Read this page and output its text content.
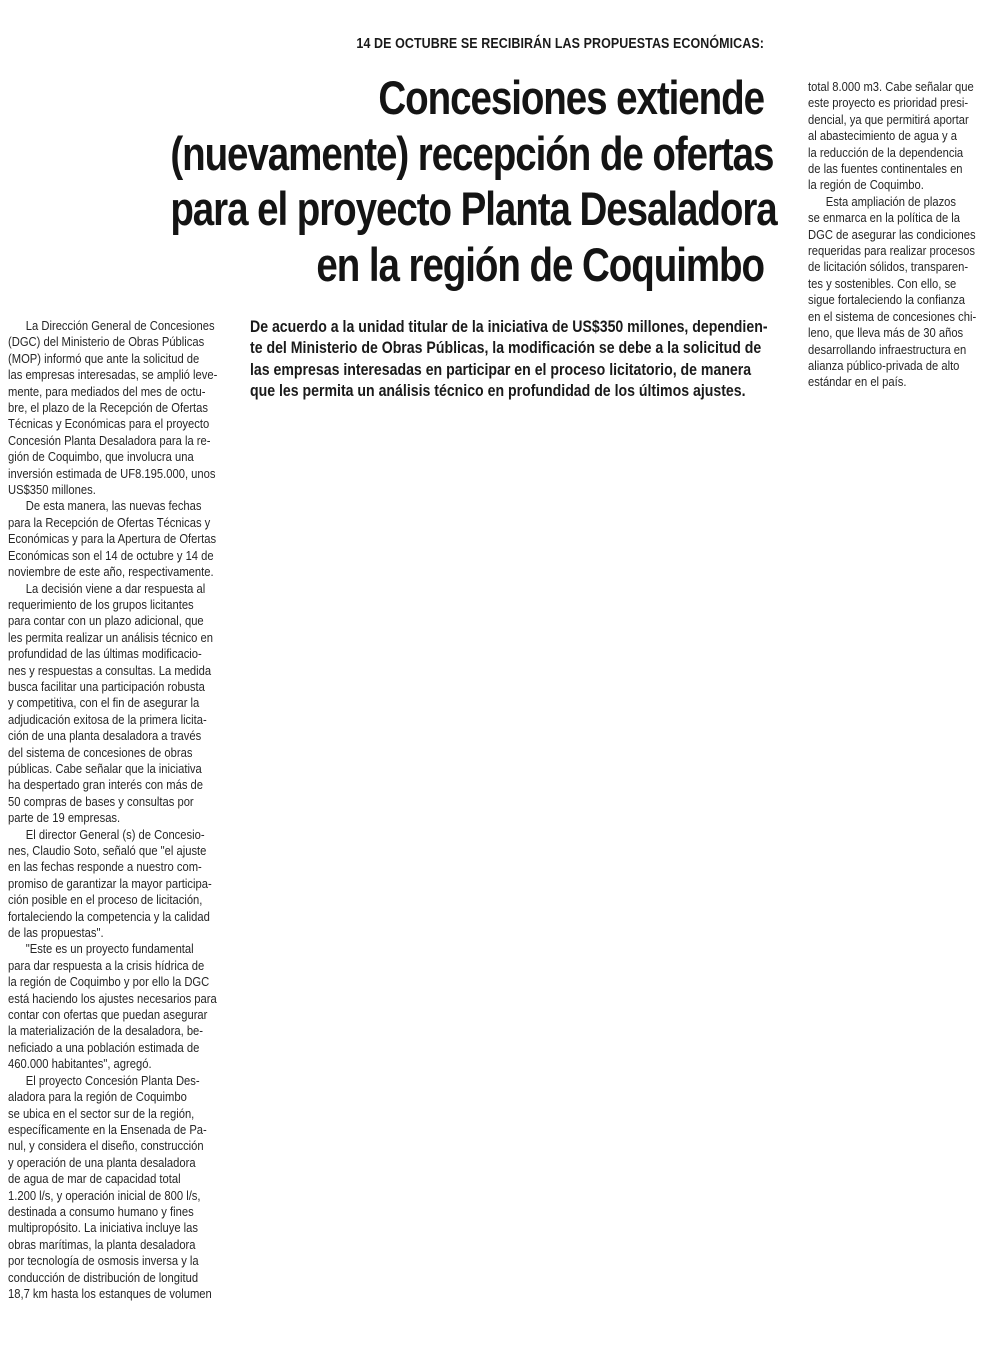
14 DE OCTUBRE SE RECIBIRÁN LAS PROPUESTAS ECONÓMICAS:
Concesiones extiende
(nuevamente) recepción de ofertas
para el proyecto Planta Desaladora
en la región de Coquimbo

De acuerdo a la unidad titular de la iniciativa de US$350 millones, dependien-
te del Ministerio de Obras Públicas, la modificación se debe a la solicitud de
las empresas interesadas en participar en el proceso licitatorio, de manera
que les permita un análisis técnico en profundidad de los últimos ajustes.

La Dirección General de Concesiones
(DGC) del Ministerio de Obras Públicas
(MOP) informó que ante la solicitud de
las empresas interesadas, se amplió leve-
mente, para mediados del mes de octu-
bre, el plazo de la Recepción de Ofertas
Técnicas y Económicas para el proyecto
Concesión Planta Desaladora para la re-
gión de Coquimbo, que involucra una
inversión estimada de UF8.195.000, unos
US$350 millones.
De esta manera, las nuevas fechas
para la Recepción de Ofertas Técnicas y
Económicas y para la Apertura de Ofertas
Económicas son el 14 de octubre y 14 de
noviembre de este año, respectivamente.
La decisión viene a dar respuesta al
requerimiento de los grupos licitantes
para contar con un plazo adicional, que
les permita realizar un análisis técnico en
profundidad de las últimas modificacio-
nes y respuestas a consultas. La medida
busca facilitar una participación robusta
y competitiva, con el fin de asegurar la
adjudicación exitosa de la primera licita-
ción de una planta desaladora a través
del sistema de concesiones de obras
públicas. Cabe señalar que la iniciativa
ha despertado gran interés con más de
50 compras de bases y consultas por
parte de 19 empresas.
El director General (s) de Concesio-
nes, Claudio Soto, señaló que "el ajuste
en las fechas responde a nuestro com-
promiso de garantizar la mayor participa-
ción posible en el proceso de licitación,
fortaleciendo la competencia y la calidad
de las propuestas".
"Este es un proyecto fundamental
para dar respuesta a la crisis hídrica de
la región de Coquimbo y por ello la DGC
está haciendo los ajustes necesarios para
contar con ofertas que puedan asegurar
la materialización de la desaladora, be-
neficiado a una población estimada de
460.000 habitantes", agregó.
El proyecto Concesión Planta Des-
aladora para la región de Coquimbo
se ubica en el sector sur de la región,
específicamente en la Ensenada de Pa-
nul, y considera el diseño, construcción
y operación de una planta desaladora
de agua de mar de capacidad total
1.200 l/s, y operación inicial de 800 l/s,
destinada a consumo humano y fines
multipropósito. La iniciativa incluye las
obras marítimas, la planta desaladora
por tecnología de osmosis inversa y la
conducción de distribución de longitud
18,7 km hasta los estanques de volumen
total 8.000 m3. Cabe señalar que
este proyecto es prioridad presi-
dencial, ya que permitirá aportar
al abastecimiento de agua y a
la reducción de la dependencia
de las fuentes continentales en
la región de Coquimbo.
Esta ampliación de plazos
se enmarca en la política de la
DGC de asegurar las condiciones
requeridas para realizar procesos
de licitación sólidos, transparen-
tes y sostenibles. Con ello, se
sigue fortaleciendo la confianza
en el sistema de concesiones chi-
leno, que lleva más de 30 años
desarrollando infraestructura en
alianza público-privada de alto
estándar en el país.
